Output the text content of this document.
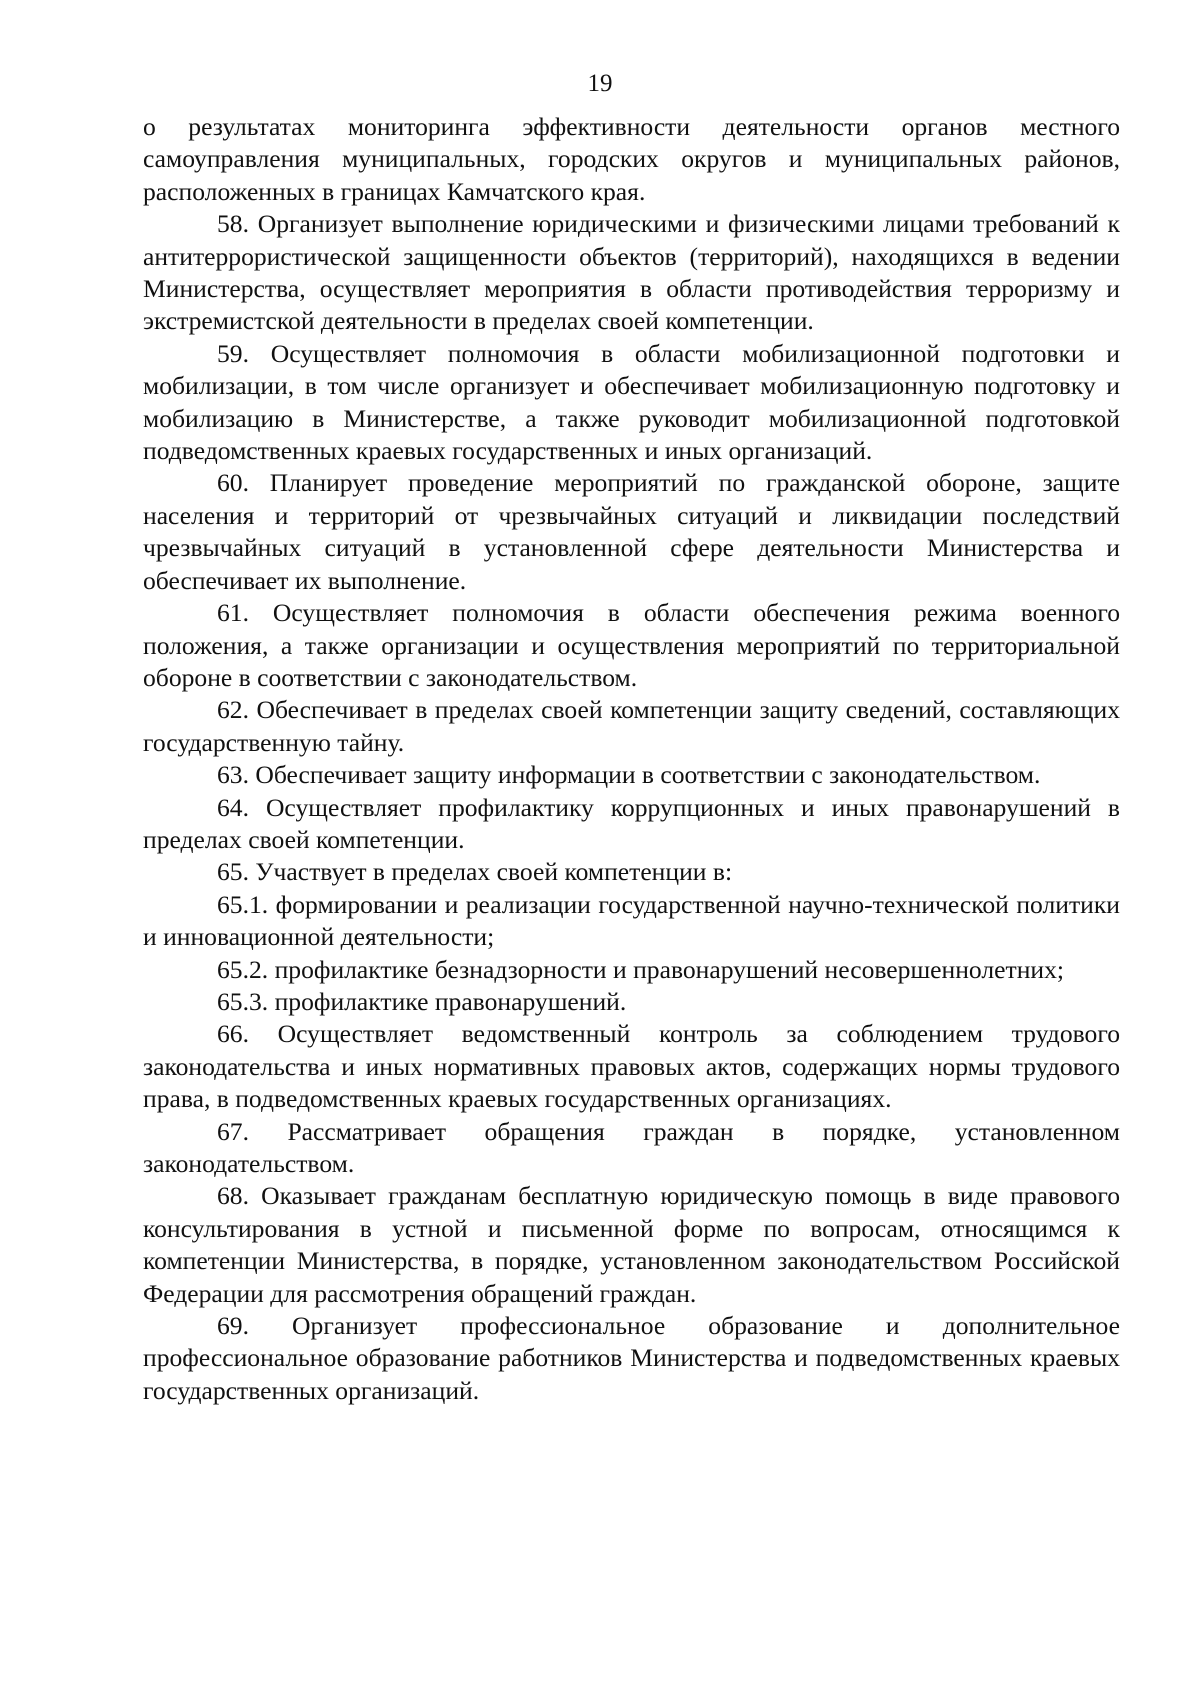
19

о результатах мониторинга эффективности деятельности органов местного самоуправления муниципальных, городских округов и муниципальных районов, расположенных в границах Камчатского края.

58. Организует выполнение юридическими и физическими лицами требований к антитеррористической защищенности объектов (территорий), находящихся в ведении Министерства, осуществляет мероприятия в области противодействия терроризму и экстремистской деятельности в пределах своей компетенции.

59. Осуществляет полномочия в области мобилизационной подготовки и мобилизации, в том числе организует и обеспечивает мобилизационную подготовку и мобилизацию в Министерстве, а также руководит мобилизационной подготовкой подведомственных краевых государственных и иных организаций.

60. Планирует проведение мероприятий по гражданской обороне, защите населения и территорий от чрезвычайных ситуаций и ликвидации последствий чрезвычайных ситуаций в установленной сфере деятельности Министерства и обеспечивает их выполнение.

61. Осуществляет полномочия в области обеспечения режима военного положения, а также организации и осуществления мероприятий по территориальной обороне в соответствии с законодательством.

62. Обеспечивает в пределах своей компетенции защиту сведений, составляющих государственную тайну.

63. Обеспечивает защиту информации в соответствии с законодательством.

64. Осуществляет профилактику коррупционных и иных правонарушений в пределах своей компетенции.

65. Участвует в пределах своей компетенции в:

65.1. формировании и реализации государственной научно-технической политики и инновационной деятельности;

65.2. профилактике безнадзорности и правонарушений несовершеннолетних;

65.3. профилактике правонарушений.

66. Осуществляет ведомственный контроль за соблюдением трудового законодательства и иных нормативных правовых актов, содержащих нормы трудового права, в подведомственных краевых государственных организациях.

67. Рассматривает обращения граждан в порядке, установленном законодательством.

68. Оказывает гражданам бесплатную юридическую помощь в виде правового консультирования в устной и письменной форме по вопросам, относящимся к компетенции Министерства, в порядке, установленном законодательством Российской Федерации для рассмотрения обращений граждан.

69. Организует профессиональное образование и дополнительное профессиональное образование работников Министерства и подведомственных краевых государственных организаций.
